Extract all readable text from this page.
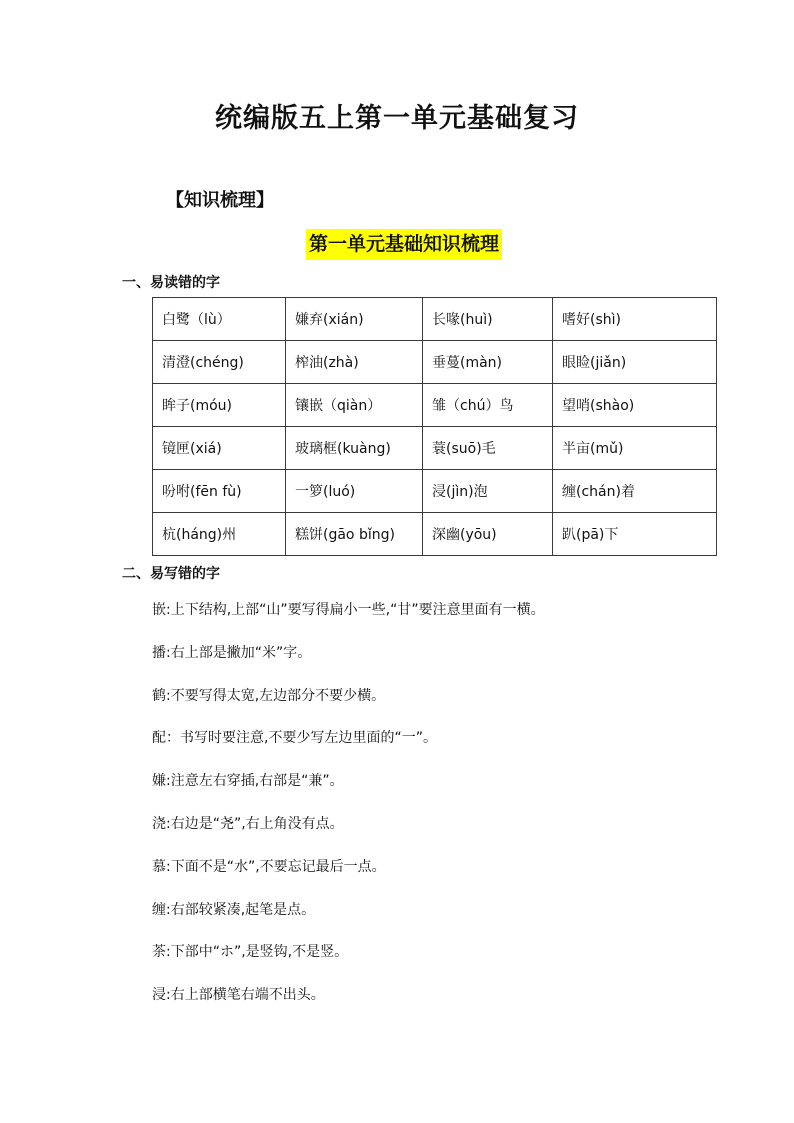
统编版五上第一单元基础复习
【知识梳理】
第一单元基础知识梳理
一、易读错的字
白鹭（lù）	嫌弃(xián)	长喙(huì)	嗜好(shì)
清澄(chéng)	榨油(zhà)	垂蔓(màn)	眼睑(jiǎn)
眸子(móu)	镶嵌（qiàn）	雏（chú）鸟	望哨(shào)
镜匣(xiá)	玻璃框(kuàng)	蓑(suō)毛	半亩(mǔ)
吩咐(fēn fù)	一箩(luó)	浸(jìn)泡	缠(chán)着
杭(háng)州	糕饼(gāo bǐng)	深幽(yōu)	趴(pā)下
二、易写错的字
嵌:上下结构,上部“山”要写得扁小一些,“甘”要注意里面有一横。
播:右上部是撇加“米”字。
鹤:不要写得太宽,左边部分不要少横。
配：书写时要注意,不要少写左边里面的“一”。
嫌:注意左右穿插,右部是“兼”。
浇:右边是“尧”,右上角没有点。
慕:下面不是“水”,不要忘记最后一点。
缠:右部较紧凑,起笔是点。
茶:下部中“ホ”,是竖钩,不是竖。
浸:右上部横笔右端不出头。
